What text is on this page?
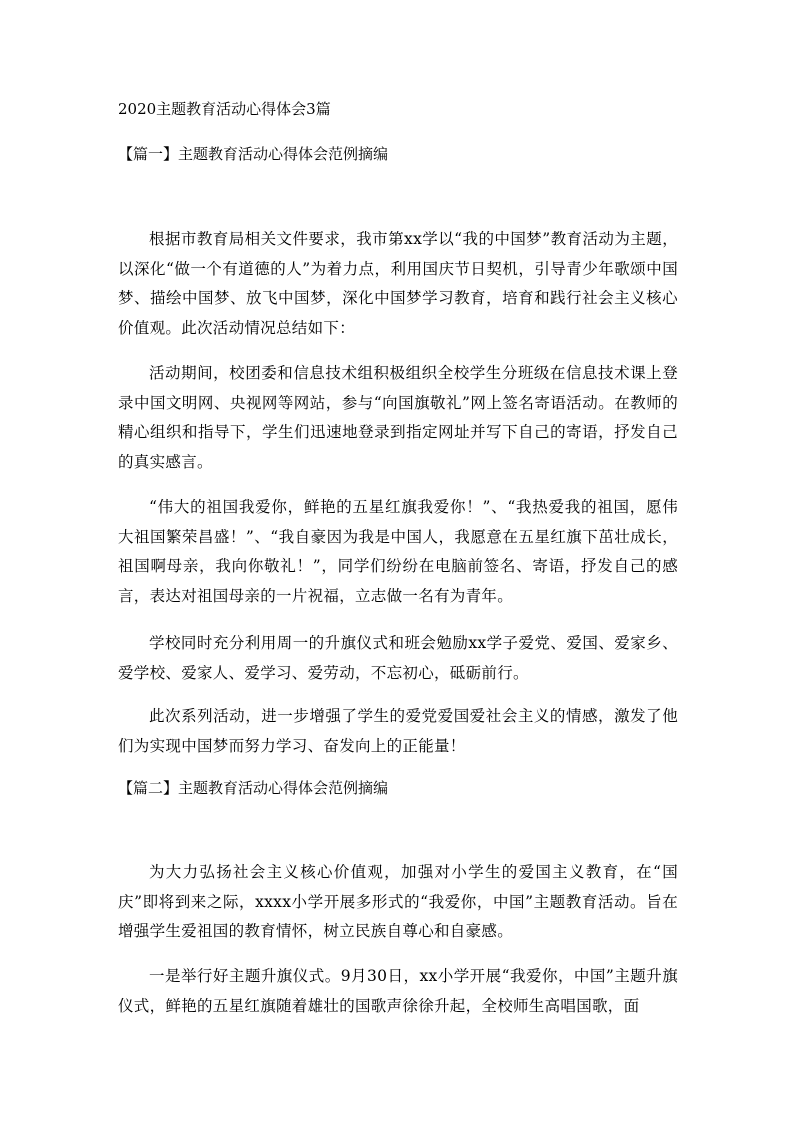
2020主题教育活动心得体会3篇
【篇一】主题教育活动心得体会范例摘编

根据市教育局相关文件要求，我市第xx学以“我的中国梦”教育活动为主题，以深化“做一个有道德的人”为着力点，利用国庆节日契机，引导青少年歌颂中国梦、描绘中国梦、放飞中国梦，深化中国梦学习教育，培育和践行社会主义核心价值观。此次活动情况总结如下：

活动期间，校团委和信息技术组积极组织全校学生分班级在信息技术课上登录中国文明网、央视网等网站，参与“向国旗敬礼”网上签名寄语活动。在教师的精心组织和指导下，学生们迅速地登录到指定网址并写下自己的寄语，抒发自己的真实感言。

“伟大的祖国我爱你，鲜艳的五星红旗我爱你！”、“我热爱我的祖国，愿伟大祖国繁荣昌盛！”、“我自豪因为我是中国人，我愿意在五星红旗下茁壮成长，祖国啊母亲，我向你敬礼！”，同学们纷纷在电脑前签名、寄语，抒发自己的感言，表达对祖国母亲的一片祝福，立志做一名有为青年。

学校同时充分利用周一的升旗仪式和班会勉励xx学子爱党、爱国、爱家乡、爱学校、爱家人、爱学习、爱劳动，不忘初心，砥砺前行。

此次系列活动，进一步增强了学生的爱党爱国爱社会主义的情感，激发了他们为实现中国梦而努力学习、奋发向上的正能量！

【篇二】主题教育活动心得体会范例摘编

为大力弘扬社会主义核心价值观，加强对小学生的爱国主义教育，在“国庆”即将到来之际，xxxx小学开展多形式的“我爱你，中国”主题教育活动。旨在增强学生爱祖国的教育情怀，树立民族自尊心和自豪感。

一是举行好主题升旗仪式。9月30日，xx小学开展“我爱你，中国”主题升旗仪式，鲜艳的五星红旗随着雄壮的国歌声徐徐升起，全校师生高唱国歌，面
